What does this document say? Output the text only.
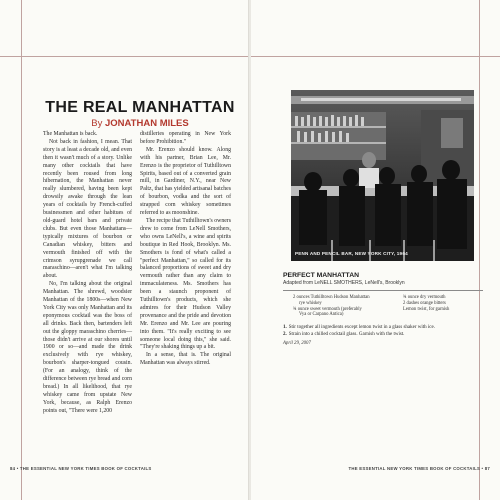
THE REAL MANHATTAN
By JONATHAN MILES

The Manhattan is back.

Not back in fashion, I mean. That story is at least a decade old, and even then it wasn't much of a story. Unlike many other cocktails that have recently been roused from long hibernation, the Manhattan never really slumbered, having been kept drowsily awake through the lean years of cocktails by French-cuffed businessmen and other habitues of old-guard hotel bars and private clubs. But even those Manhattans—typically mixtures of bourbon or Canadian whiskey, bitters and vermouth finished off with the crimson syrupgrenade we call maraschino—aren't what I'm talking about.

No, I'm talking about the original Manhattan. The shrewd, woodsier Manhattan of the 1800s—when New York City was only Manhattan and its eponymous cocktail was the boss of all drinks. Back then, bartenders left out the gloppy maraschino cherries—those didn't arrive at our shores until 1900 or so—and made the drink exclusively with rye whiskey, bourbon's sharper-tongued cousin. (For an analogy, think of the difference between rye bread and corn bread.) In all likelihood, that rye whiskey came from upstate New York, because, as Ralph Erenzo points out, "There were 1,200

distilleries operating in New York before Prohibition."

Mr. Erenzo should know. Along with his partner, Brian Lee, Mr. Erenzo is the proprietor of Tuthilltown Spirits, based out of a converted grain mill, in Gardiner, N.Y., near New Paltz, that has yielded artisanal batches of bourbon, vodka and the sort of strapped corn whiskey sometimes referred to as moonshine.

The recipe that Tuthilltown's owners drew to come from LeNell Smothers, who owns LeNell's, a wine and spirits boutique in Red Hook, Brooklyn. Ms. Smothers is fond of what's called a "perfect Manhattan," so called for its balanced proportions of sweet and dry vermouth rather than any claim to immaculateness. Ms. Smothers has been a staunch proponent of Tuthilltown's products, which she admires for their Hudson Valley provenance and the pride and devotion Mr. Erenzo and Mr. Lee are pouring into them. "It's really exciting to see someone local doing this," she said. "They're shaking things up a bit.

In a sense, that is. The original Manhattan was always stirred.

84 • THE ESSENTIAL NEW YORK TIMES BOOK OF COCKTAILS
PENN AND PENCIL BAR, NEW YORK CITY, 1964
PERFECT MANHATTAN
Adapted from LeNELL SMOTHERS, LeNell's, Brooklyn

2 ounces Tuthilltown Hudson Manhattan

rye whiskey

¾ ounce sweet vermouth (preferably

Vya or Carpano Antica)

¾ ounce dry vermouth

2 dashes orange bitters

Lemon twist, for garnish

1. Stir together all ingredients except lemon twist in a glass shaker with ice.
2. Strain into a chilled cocktail glass. Garnish with the twist.
April 29, 2007
THE ESSENTIAL NEW YORK TIMES BOOK OF COCKTAILS • 87
